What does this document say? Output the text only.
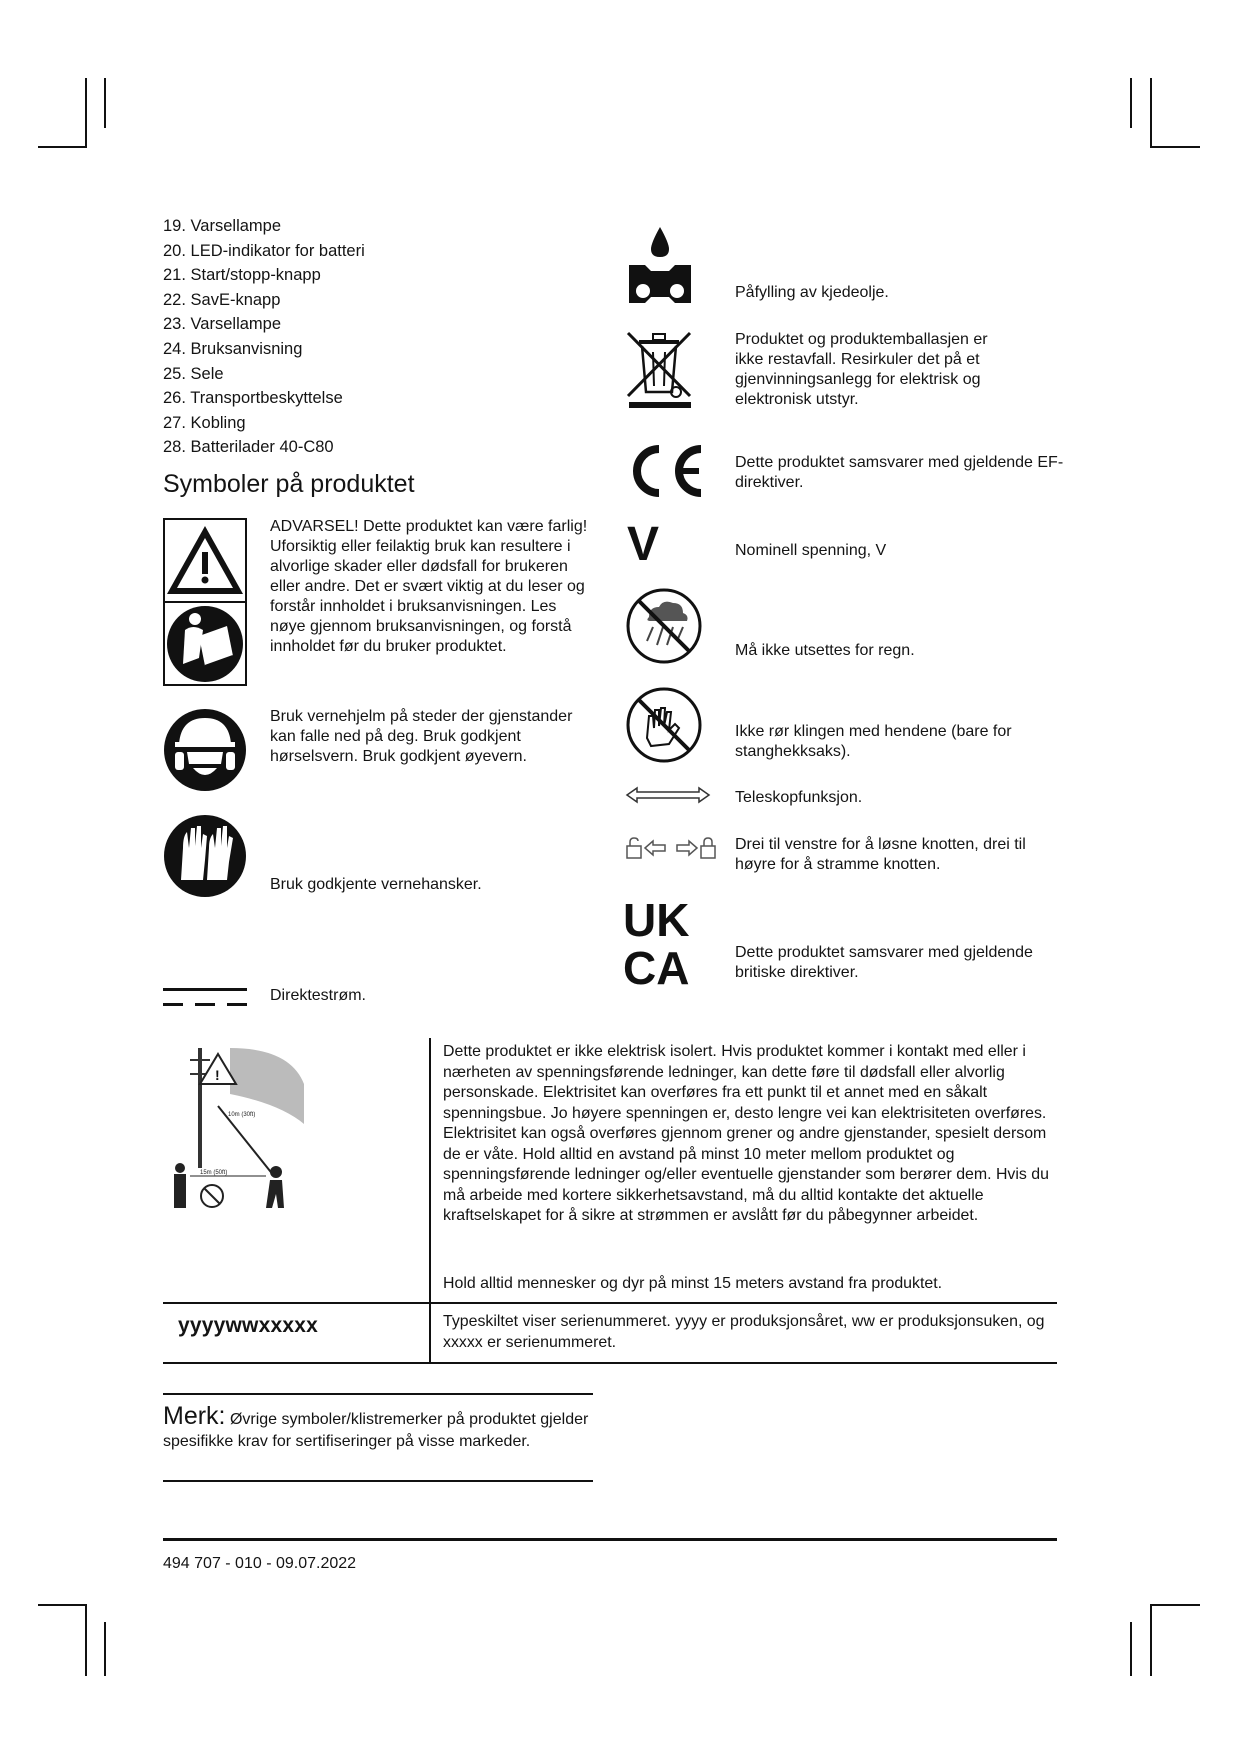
19. Varsellampe
20. LED-indikator for batteri
21. Start/stopp-knapp
22. SavE-knapp
23. Varsellampe
24. Bruksanvisning
25. Sele
26. Transportbeskyttelse
27. Kobling
28. Batterilader 40-C80
Symboler på produktet
ADVARSEL! Dette produktet kan være farlig! Uforsiktig eller feilaktig bruk kan resultere i alvorlige skader eller dødsfall for brukeren eller andre. Det er svært viktig at du leser og forstår innholdet i bruksanvisningen. Les nøye gjennom bruksanvisningen, og forstå innholdet før du bruker produktet.
Bruk vernehjelm på steder der gjenstander kan falle ned på deg. Bruk godkjent hørselsvern. Bruk godkjent øyevern.
Bruk godkjente vernehansker.
Direktestrøm.
V
UK
CA
Påfylling av kjedeolje.
Produktet og produktemballasjen er ikke restavfall. Resirkuler det på et gjenvinningsanlegg for elektrisk og elektronisk utstyr.
Dette produktet samsvarer med gjeldende EF-direktiver.
Nominell spenning, V
Må ikke utsettes for regn.
Ikke rør klingen med hendene (bare for stanghekksaks).
Teleskopfunksjon.
Drei til venstre for å løsne knotten, drei til høyre for å stramme knotten.
Dette produktet samsvarer med gjeldende britiske direktiver.
!
10m (30ft)
15m (50ft)

Dette produktet er ikke elektrisk isolert. Hvis produktet kommer i kontakt med eller i nærheten av spenningsførende ledninger, kan dette føre til dødsfall eller alvorlig personskade. Elektrisitet kan overføres fra ett punkt til et annet med en såkalt spenningsbue. Jo høyere spenningen er, desto lengre vei kan elektrisiteten overføres. Elektrisitet kan også overføres gjennom grener og andre gjenstander, spesielt dersom de er våte. Hold alltid en avstand på minst 10 meter mellom produktet og spenningsførende ledninger og/eller eventuelle gjenstander som berører dem. Hvis du må arbeide med kortere sikkerhetsavstand, må du alltid kontakte det aktuelle kraftselskapet for å sikre at strømmen er avslått før du påbegynner arbeidet.

Hold alltid mennesker og dyr på minst 15 meters avstand fra produktet.
yyyywwxxxxx	Typeskiltet viser serienummeret. yyyy er produksjonsåret, ww er produksjonsuken, og xxxxx er serienummeret.
Merk: Øvrige symboler/klistremerker på produktet gjelder spesifikke krav for sertifiseringer på visse markeder.
494 707 - 010 - 09.07.2022
